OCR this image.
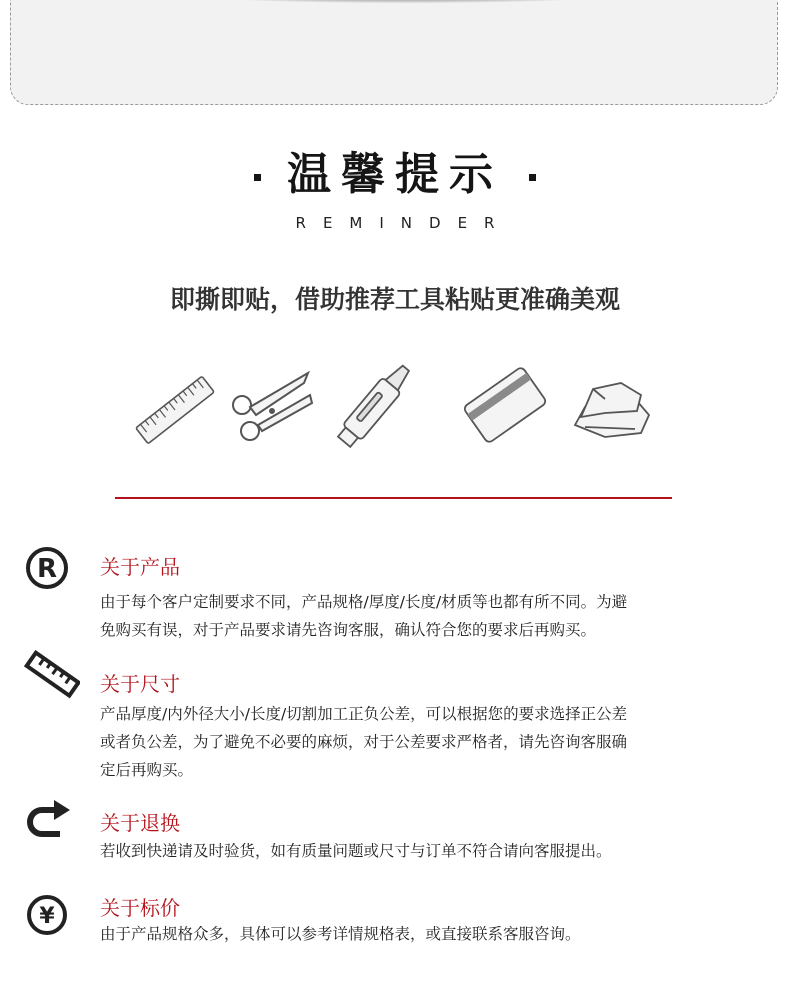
温馨提示
REMINDER
即撕即贴，借助推荐工具粘贴更准确美观
R 关于产品
由于每个客户定制要求不同，产品规格/厚度/长度/材质等也都有所不同。为避
免购买有误，对于产品要求请先咨询客服，确认符合您的要求后再购买。
关于尺寸
产品厚度/内外径大小/长度/切割加工正负公差，可以根据您的要求选择正公差
或者负公差，为了避免不必要的麻烦，对于公差要求严格者，请先咨询客服确
定后再购买。
关于退换
若收到快递请及时验货，如有质量问题或尺寸与订单不符合请向客服提出。
¥ 关于标价
由于产品规格众多，具体可以参考详情规格表，或直接联系客服咨询。
